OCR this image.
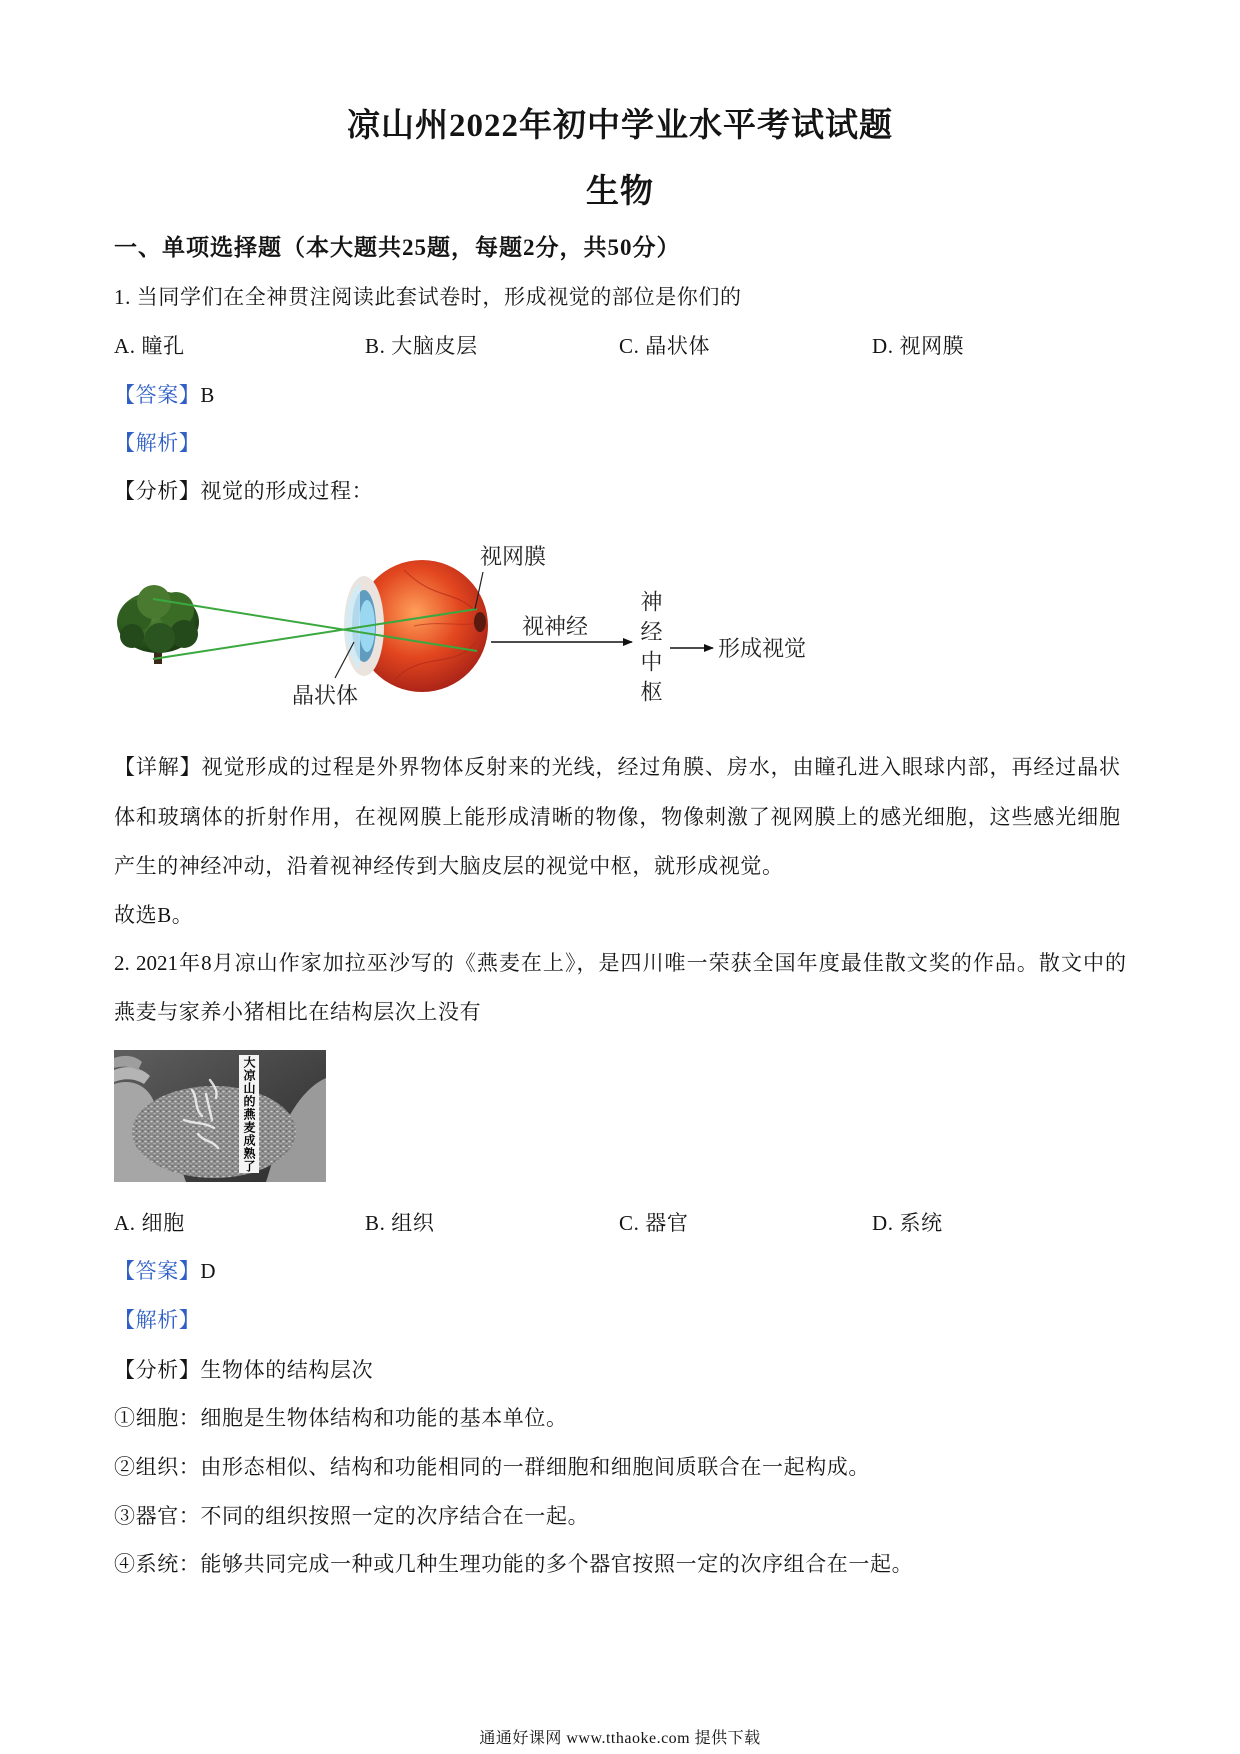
凉山州2022年初中学业水平考试试题
生物
一、单项选择题（本大题共25题，每题2分，共50分）
1. 当同学们在全神贯注阅读此套试卷时，形成视觉的部位是你们的
A. 瞳孔	B. 大脑皮层	C. 晶状体	D. 视网膜
【答案】B
【解析】
【分析】视觉的形成过程：
视网膜
晶状体
视神经
形成视觉
神经中枢
【详解】视觉形成的过程是外界物体反射来的光线，经过角膜、房水，由瞳孔进入眼球内部，再经过晶状
体和玻璃体的折射作用，在视网膜上能形成清晰的物像，物像刺激了视网膜上的感光细胞，这些感光细胞
产生的神经冲动，沿着视神经传到大脑皮层的视觉中枢，就形成视觉。
故选B。
2. 2021年8月凉山作家加拉巫沙写的《燕麦在上》，是四川唯一荣获全国年度最佳散文奖的作品。散文中的
燕麦与家养小猪相比在结构层次上没有
大凉山的燕麦成熟了
A. 细胞	B. 组织	C. 器官	D. 系统
【答案】D
【解析】
【分析】生物体的结构层次
①细胞：细胞是生物体结构和功能的基本单位。
②组织：由形态相似、结构和功能相同的一群细胞和细胞间质联合在一起构成。
③器官：不同的组织按照一定的次序结合在一起。
④系统：能够共同完成一种或几种生理功能的多个器官按照一定的次序组合在一起。
通通好课网 www.tthaoke.com 提供下载
